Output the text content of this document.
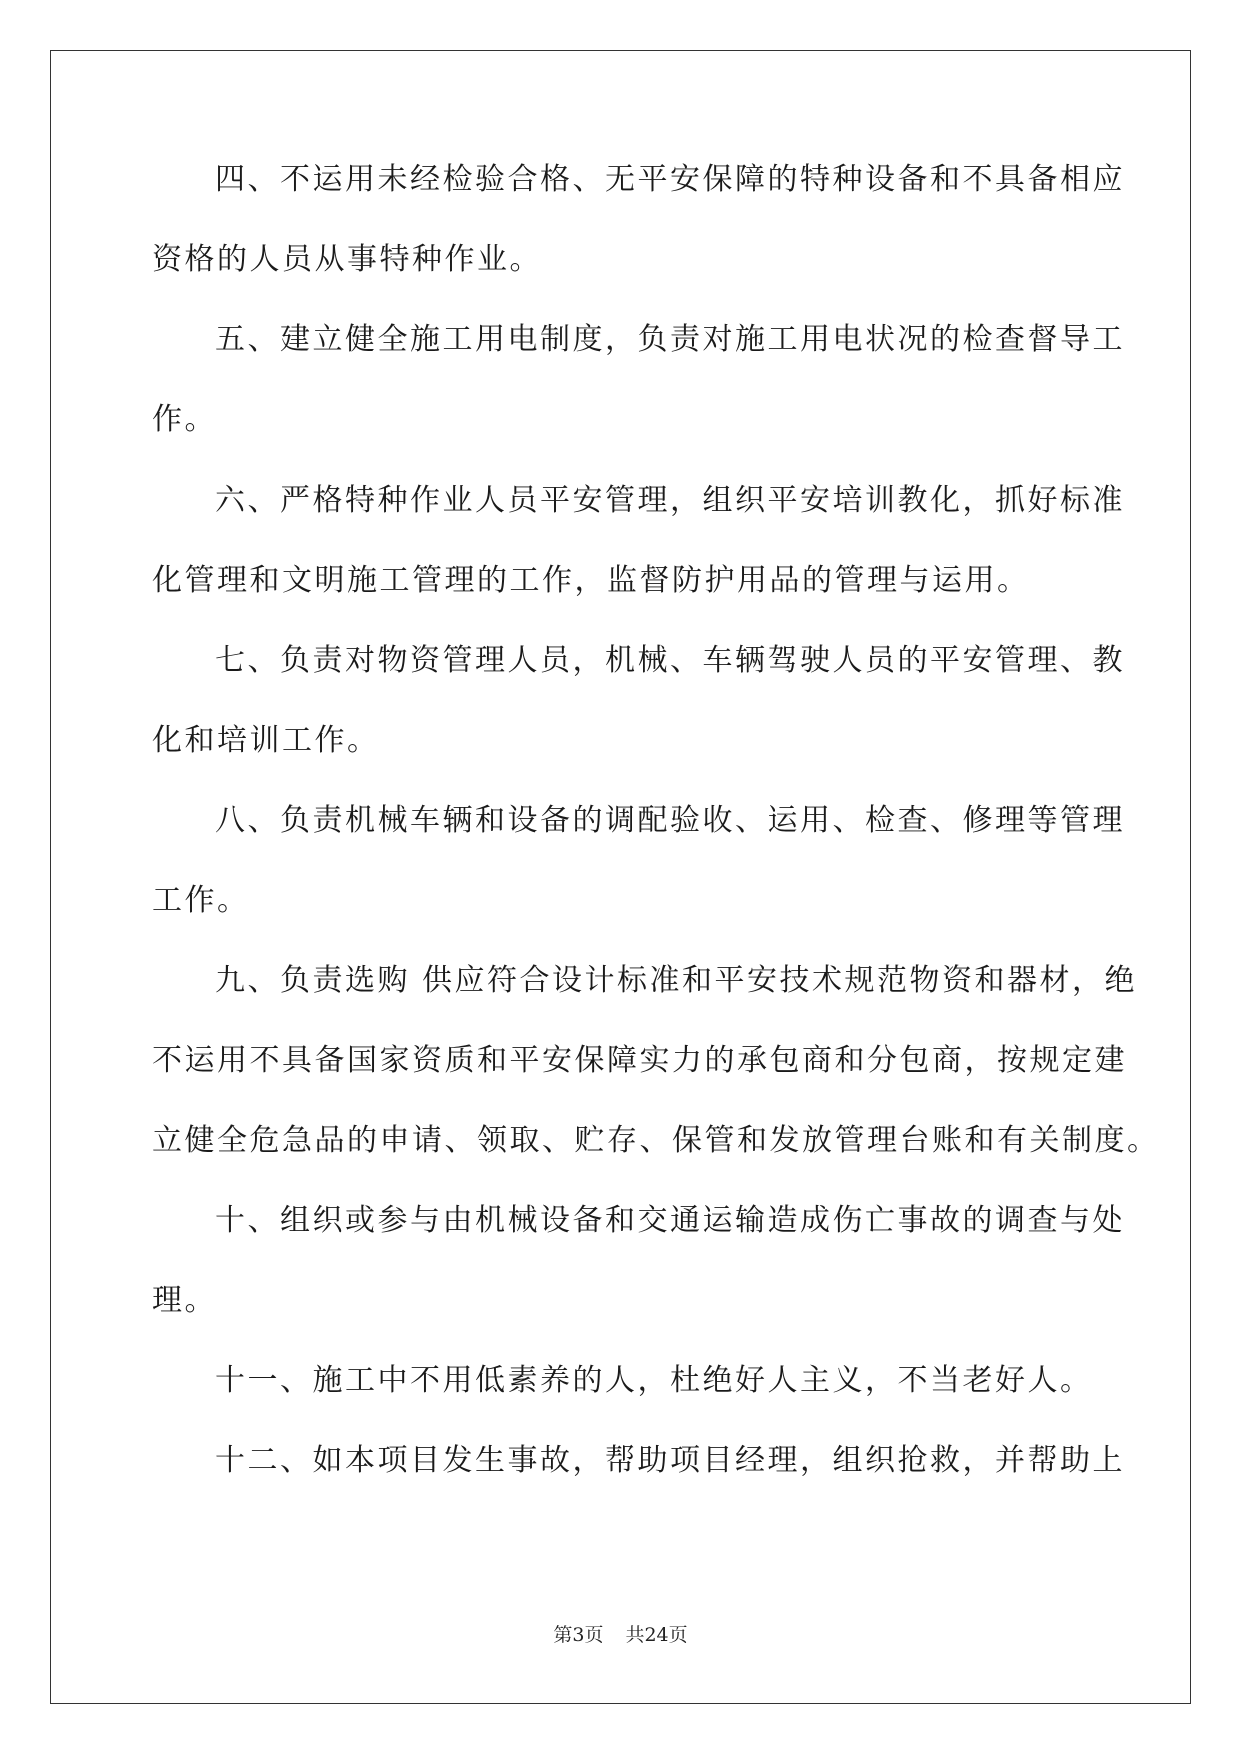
四、不运用未经检验合格、无平安保障的特种设备和不具备相应
资格的人员从事特种作业。
五、建立健全施工用电制度，负责对施工用电状况的检查督导工
作。
六、严格特种作业人员平安管理，组织平安培训教化，抓好标准
化管理和文明施工管理的工作，监督防护用品的管理与运用。
七、负责对物资管理人员，机械、车辆驾驶人员的平安管理、教
化和培训工作。
八、负责机械车辆和设备的调配验收、运用、检查、修理等管理
工作。
九、负责选购 供应符合设计标准和平安技术规范物资和器材，绝
不运用不具备国家资质和平安保障实力的承包商和分包商，按规定建
立健全危急品的申请、领取、贮存、保管和发放管理台账和有关制度。
十、组织或参与由机械设备和交通运输造成伤亡事故的调查与处
理。
十一、施工中不用低素养的人，杜绝好人主义，不当老好人。
十二、如本项目发生事故，帮助项目经理，组织抢救，并帮助上
第3页 共24页
